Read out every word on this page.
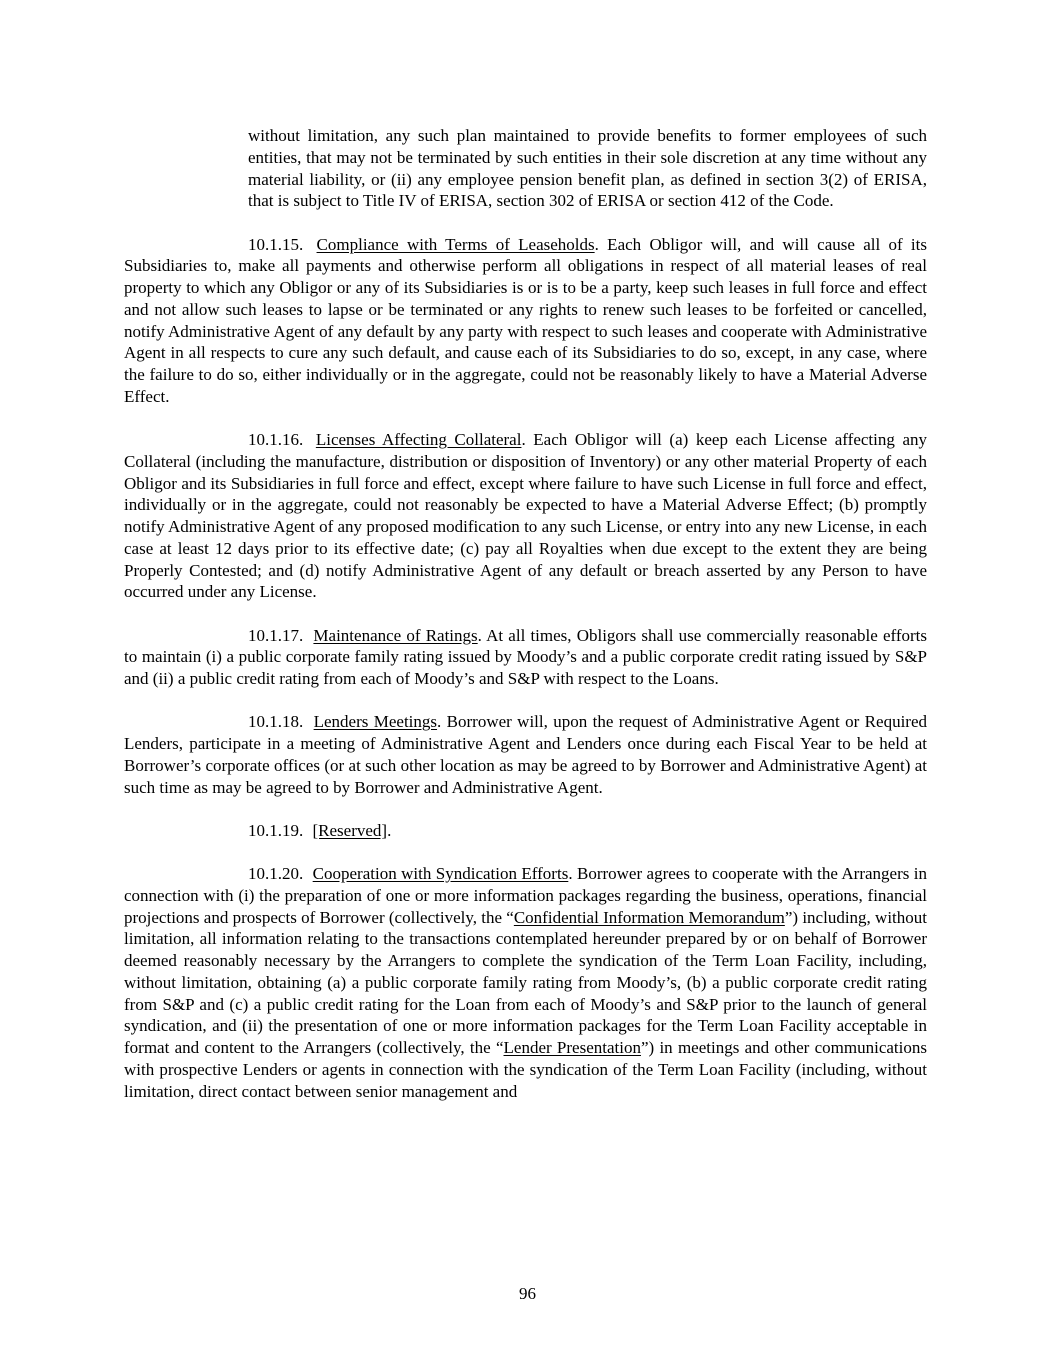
without limitation, any such plan maintained to provide benefits to former employees of such entities, that may not be terminated by such entities in their sole discretion at any time without any material liability, or (ii) any employee pension benefit plan, as defined in section 3(2) of ERISA, that is subject to Title IV of ERISA, section 302 of ERISA or section 412 of the Code.

10.1.15. Compliance with Terms of Leaseholds. Each Obligor will, and will cause all of its Subsidiaries to, make all payments and otherwise perform all obligations in respect of all material leases of real property to which any Obligor or any of its Subsidiaries is or is to be a party, keep such leases in full force and effect and not allow such leases to lapse or be terminated or any rights to renew such leases to be forfeited or cancelled, notify Administrative Agent of any default by any party with respect to such leases and cooperate with Administrative Agent in all respects to cure any such default, and cause each of its Subsidiaries to do so, except, in any case, where the failure to do so, either individually or in the aggregate, could not be reasonably likely to have a Material Adverse Effect.

10.1.16. Licenses Affecting Collateral. Each Obligor will (a) keep each License affecting any Collateral (including the manufacture, distribution or disposition of Inventory) or any other material Property of each Obligor and its Subsidiaries in full force and effect, except where failure to have such License in full force and effect, individually or in the aggregate, could not reasonably be expected to have a Material Adverse Effect; (b) promptly notify Administrative Agent of any proposed modification to any such License, or entry into any new License, in each case at least 12 days prior to its effective date; (c) pay all Royalties when due except to the extent they are being Properly Contested; and (d) notify Administrative Agent of any default or breach asserted by any Person to have occurred under any License.

10.1.17. Maintenance of Ratings. At all times, Obligors shall use commercially reasonable efforts to maintain (i) a public corporate family rating issued by Moody’s and a public corporate credit rating issued by S&P and (ii) a public credit rating from each of Moody’s and S&P with respect to the Loans.

10.1.18. Lenders Meetings. Borrower will, upon the request of Administrative Agent or Required Lenders, participate in a meeting of Administrative Agent and Lenders once during each Fiscal Year to be held at Borrower’s corporate offices (or at such other location as may be agreed to by Borrower and Administrative Agent) at such time as may be agreed to by Borrower and Administrative Agent.

10.1.19. [Reserved].

10.1.20. Cooperation with Syndication Efforts. Borrower agrees to cooperate with the Arrangers in connection with (i) the preparation of one or more information packages regarding the business, operations, financial projections and prospects of Borrower (collectively, the “Confidential Information Memorandum”) including, without limitation, all information relating to the transactions contemplated hereunder prepared by or on behalf of Borrower deemed reasonably necessary by the Arrangers to complete the syndication of the Term Loan Facility, including, without limitation, obtaining (a) a public corporate family rating from Moody’s, (b) a public corporate credit rating from S&P and (c) a public credit rating for the Loan from each of Moody’s and S&P prior to the launch of general syndication, and (ii) the presentation of one or more information packages for the Term Loan Facility acceptable in format and content to the Arrangers (collectively, the “Lender Presentation”) in meetings and other communications with prospective Lenders or agents in connection with the syndication of the Term Loan Facility (including, without limitation, direct contact between senior management and

96
